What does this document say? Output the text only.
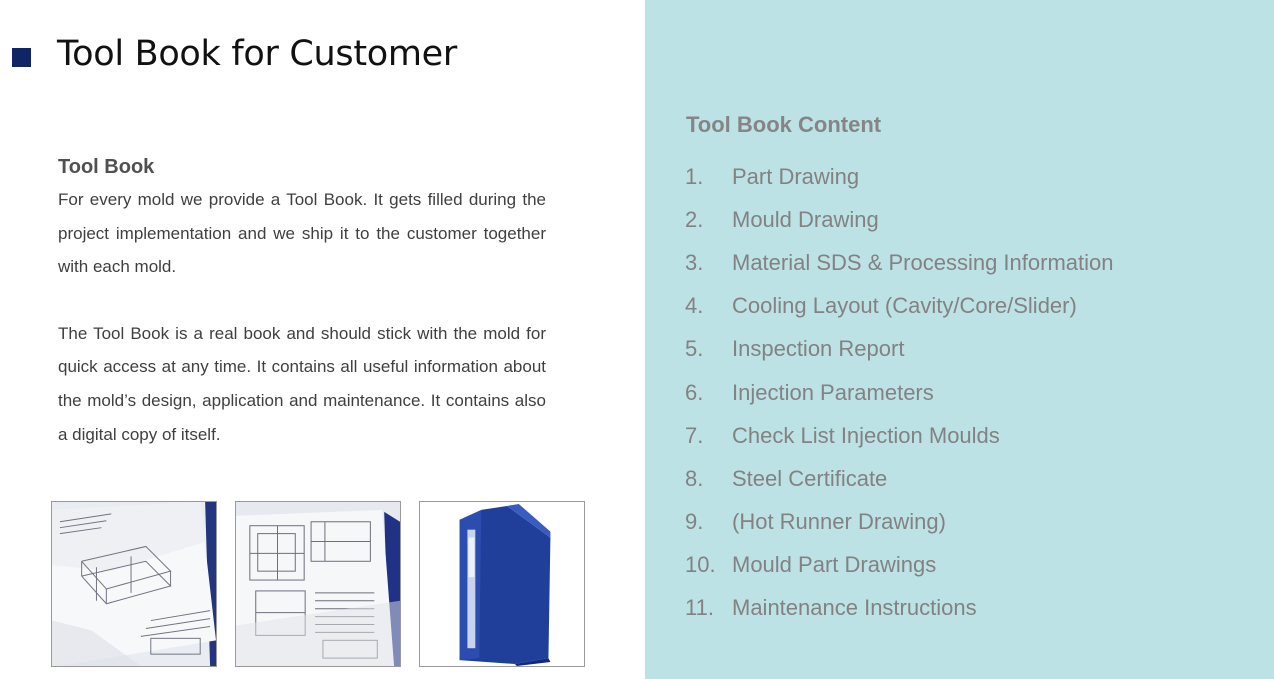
Tool Book for Customer
Tool Book

For every mold we provide a Tool Book. It gets filled during the project implementation and we ship it to the customer together with each mold.

The Tool Book is a real book and should stick with the mold for quick access at any time. It contains all useful information about the mold’s design, application and maintenance. It contains also a digital copy of itself.

Tool Book Content
1.	Part Drawing
2.	Mould Drawing
3.	Material SDS & Processing Information
4.	Cooling Layout (Cavity/Core/Slider)
5.	Inspection Report
6.	Injection Parameters
7.	Check List Injection Moulds
8.	Steel Certificate
9.	(Hot Runner Drawing)
10. Mould Part Drawings
11. Maintenance Instructions
